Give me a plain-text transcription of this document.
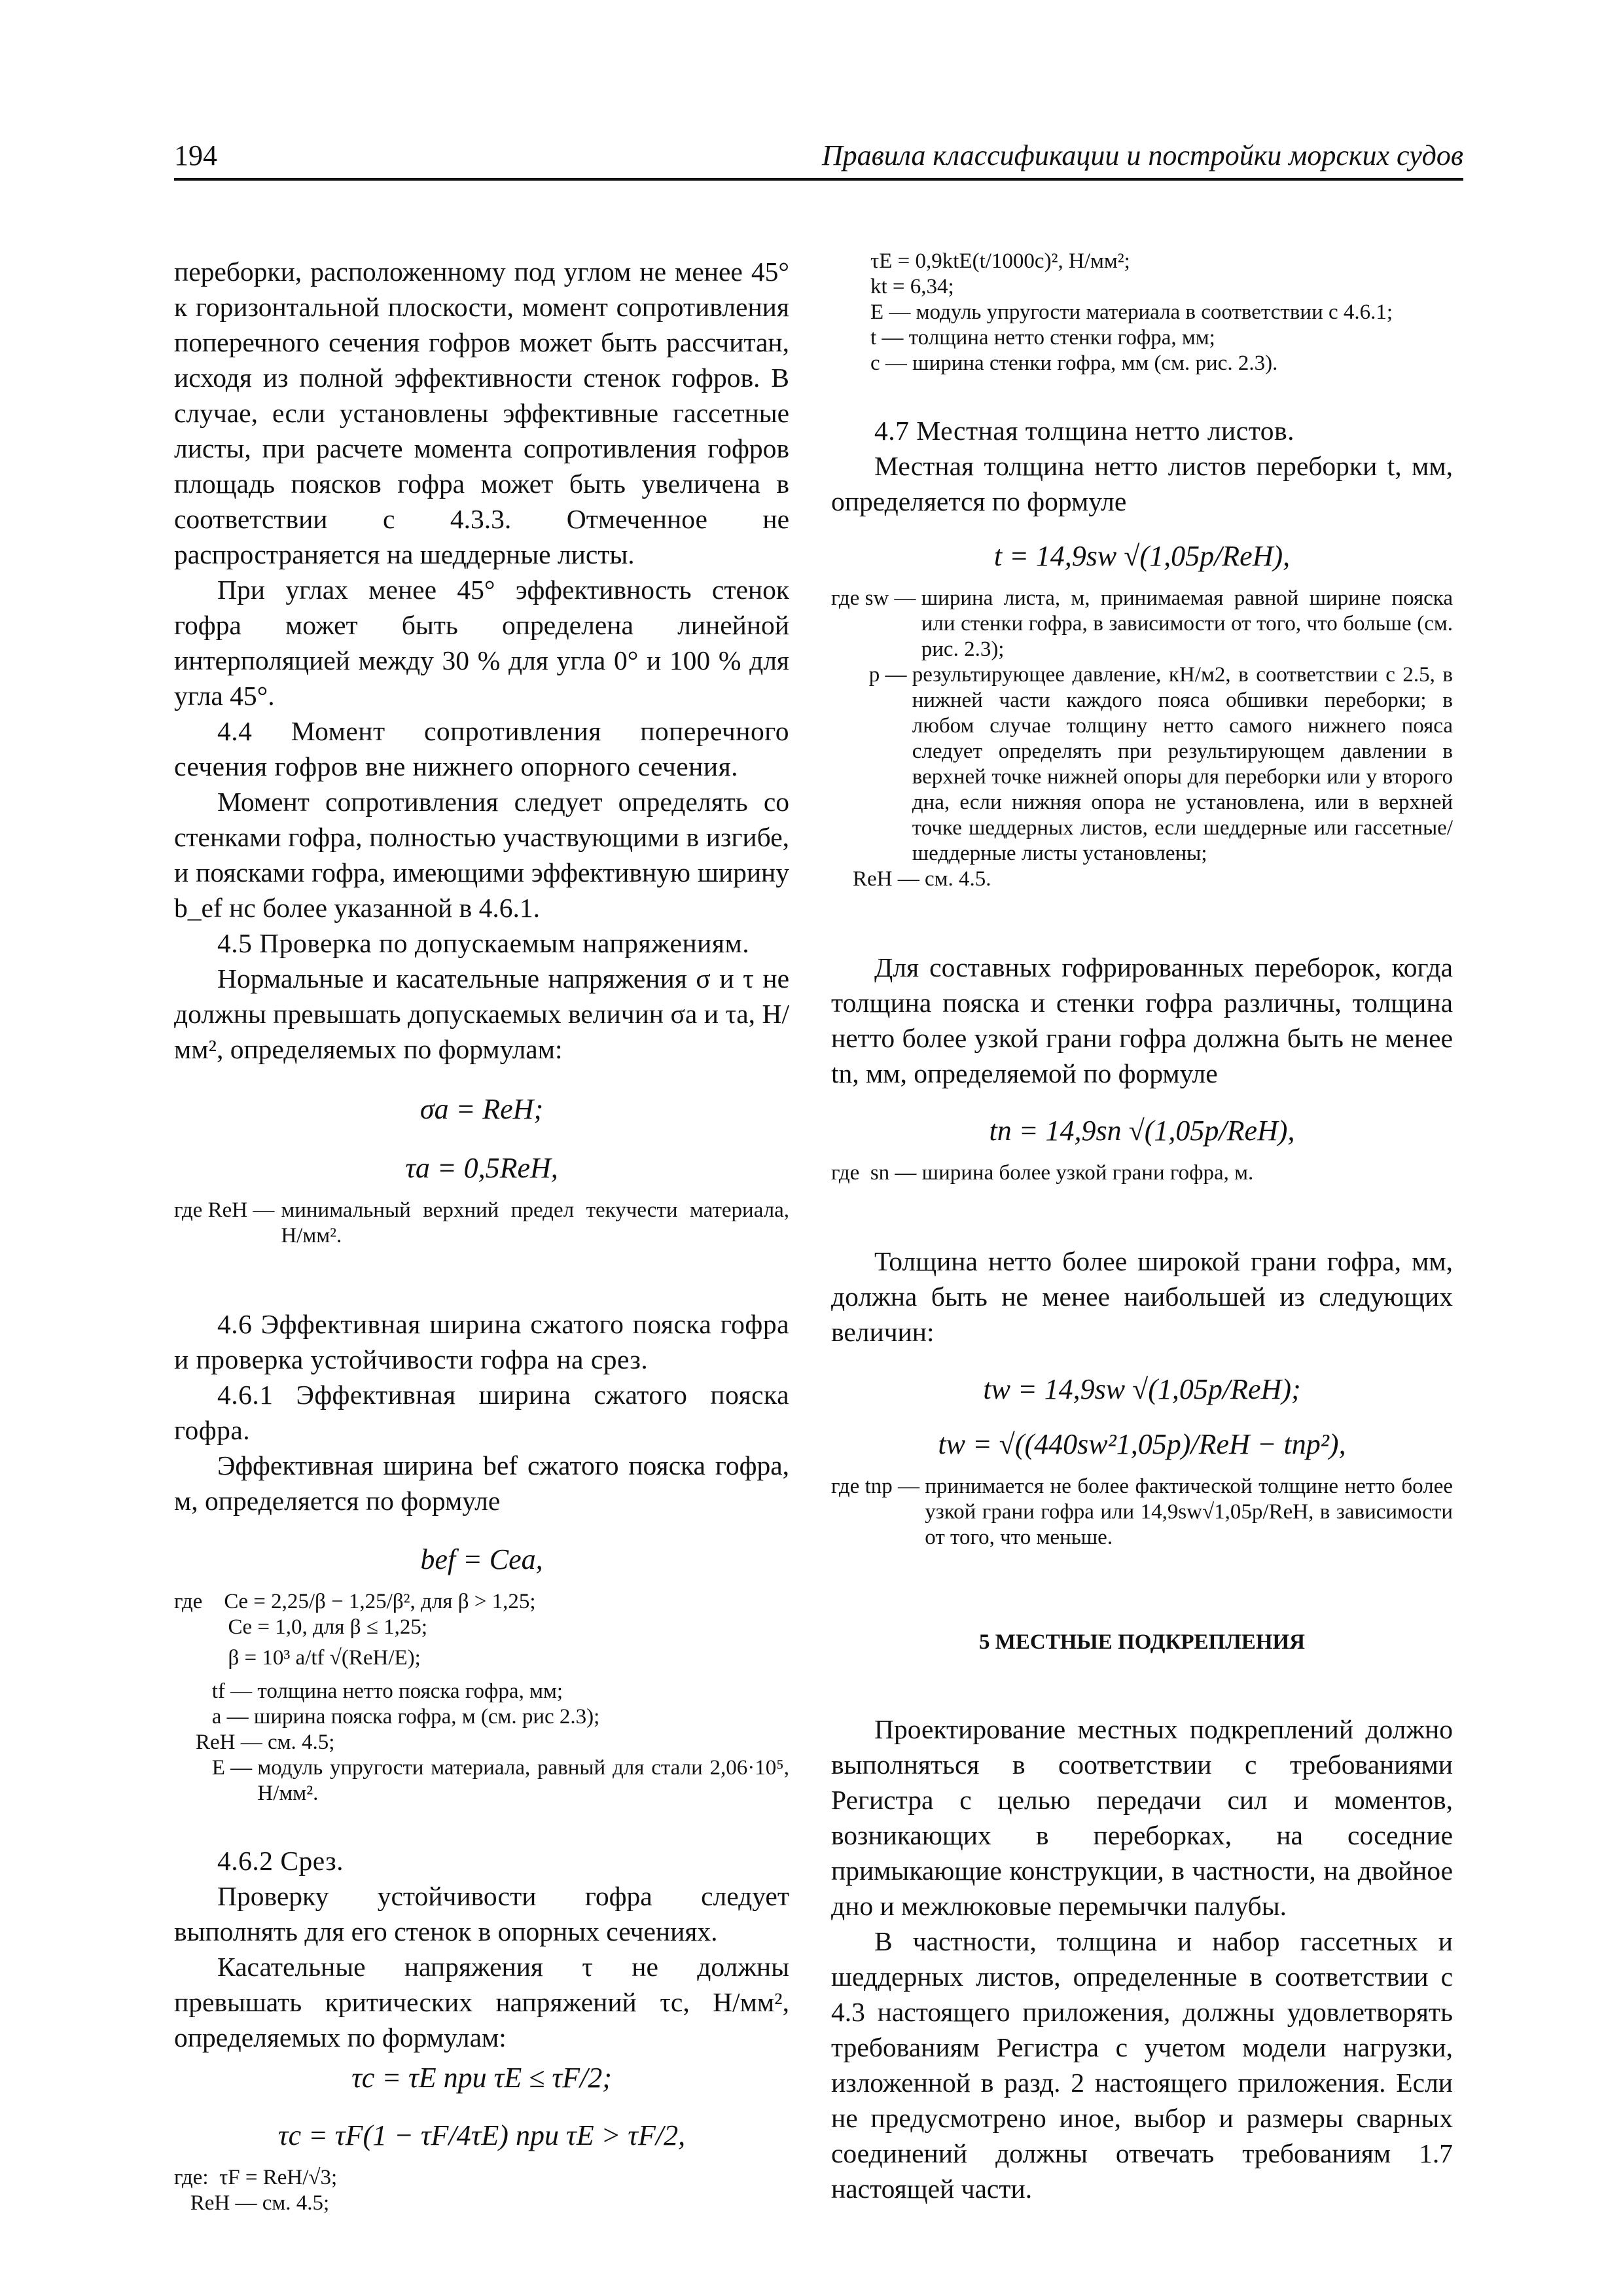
194	Правила классификации и постройки морских судов

переборки, расположенному под углом не менее 45° к горизонтальной плоскости, момент сопротивления поперечного сечения гофров может быть рассчитан, исходя из полной эффективности стенок гофров. В случае, если установлены эффективные гассетные листы, при расчете момента сопротивления гофров площадь поясков гофра может быть увеличена в соответствии с 4.3.3. Отмеченное не распространяется на шеддерные листы.

При углах менее 45° эффективность стенок гофра может быть определена линейной интерполяцией между 30 % для угла 0° и 100 % для угла 45°.

4.4 Момент сопротивления поперечного сечения гофров вне нижнего опорного сечения.

Момент сопротивления следует определять со стенками гофра, полностью участвующими в изгибе, и поясками гофра, имеющими эффективную ширину b_ef нс более указанной в 4.6.1.

4.5 Проверка по допускаемым напряжениям.

Нормальные и касательные напряжения σ и τ не должны превышать допускаемых величин σa и τa, Н/мм², определяемых по формулам:

σa = ReH;
τa = 0,5ReH,
где ReH — минимальный верхний предел текучести материала, Н/мм².

4.6 Эффективная ширина сжатого пояска гофра и проверка устойчивости гофра на срез.

4.6.1 Эффективная ширина сжатого пояска гофра.

Эффективная ширина bef сжатого пояска гофра, м, определяется по формуле

bef = Cea,
где Ce = 2,25/β − 1,25/β², для β > 1,25;

Ce = 1,0, для β ≤ 1,25;

β = 10³ a/tf √(ReH/E);
tf — толщина нетто пояска гофра, мм;
a — ширина пояска гофра, м (см. рис 2.3);
ReH — см. 4.5;
E — модуль упругости материала, равный для стали 2,06·10⁵, Н/мм².

4.6.2 Срез.

Проверку устойчивости гофра следует выполнять для его стенок в опорных сечениях.

Касательные напряжения τ не должны превышать критических напряжений τc, Н/мм², определяемых по формулам:

τc = τE при τE ≤ τF/2;
τc = τF(1 − τF/4τE) при τE > τF/2,
где: τF = ReH/√3;
ReH — см. 4.5;
τE = 0,9ktE(t/1000c)², Н/мм²;
kt = 6,34;
E — модуль упругости материала в соответствии с 4.6.1;
t — толщина нетто стенки гофра, мм;
c — ширина стенки гофра, мм (см. рис. 2.3).

4.7 Местная толщина нетто листов.

Местная толщина нетто листов переборки t, мм, определяется по формуле

t = 14,9sw √(1,05p/ReH),
где sw — ширина листа, м, принимаемая равной ширине пояска или стенки гофра, в зависимости от того, что больше (см. рис. 2.3);
p — результирующее давление, кН/м2, в соответствии с 2.5, в нижней части каждого пояса обшивки переборки; в любом случае толщину нетто самого нижнего пояса следует определять при результирующем давлении в верхней точке нижней опоры для переборки или у второго дна, если нижняя опора не установлена, или в верхней точке шеддерных листов, если шеддерные или гассетные/шеддерные листы установлены;
ReH — см. 4.5.

Для составных гофрированных переборок, когда толщина пояска и стенки гофра различны, толщина нетто более узкой грани гофра должна быть не менее tn, мм, определяемой по формуле

tn = 14,9sn √(1,05p/ReH),
где  sn — ширина более узкой грани гофра, м.

Толщина нетто более широкой грани гофра, мм, должна быть не менее наибольшей из следующих величин:

tw = 14,9sw √(1,05p/ReH);
tw = √((440sw²1,05p)/ReH − tnp²),
где tnp — принимается не более фактической толщине нетто более узкой грани гофра или 14,9sw√1,05p/ReH, в зависимости от того, что меньше.

5 МЕСТНЫЕ ПОДКРЕПЛЕНИЯ

Проектирование местных подкреплений должно выполняться в соответствии с требованиями Регистра с целью передачи сил и моментов, возникающих в переборках, на соседние примыкающие конструкции, в частности, на двойное дно и межлюковые перемычки палубы.

В частности, толщина и набор гассетных и шеддерных листов, определенные в соответствии с 4.3 настоящего приложения, должны удовлетворять требованиям Регистра с учетом модели нагрузки, изложенной в разд. 2 настоящего приложения. Если не предусмотрено иное, выбор и размеры сварных соединений должны отвечать требованиям 1.7 настоящей части.
